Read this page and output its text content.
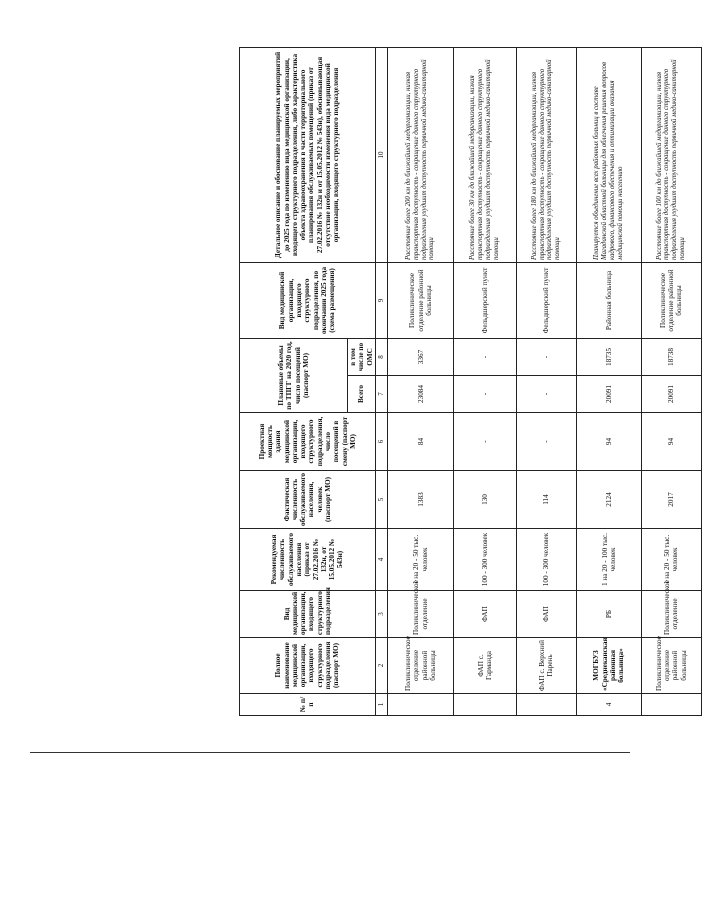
№ п/п	Полное наименование медицинской организации, входящего структурного подразделения (паспорт МО)	Вид медицинской организации, входящего структурного подразделения	Рекомендуемая численность обслуживаемого населения (приказ от 27.02.2016 № 132н, от 15.05.2012 № 543н)	Фактическая численность обслуживаемого населения, человек (паспорт МО)	Проектная мощность здания медицинской организации, входящего структурного подразделения, число посещений в смену (паспорт МО)	Плановые объемы по ТПГГ на 2020 год, число посещений (паспорт МО)		Вид медицинской организации, входящего структурного подразделения, по окончании 2025 года (схема размещения)	Детальное описание и обоснование планируемых мероприятий до 2025 года по изменению вида медицинской организации, входящего структурного подразделения, либо характеристика объекта здравоохранения в части территориального планирования обслуживаемых помещений (приказ от 27.02.2016 № 132н и от 15.05.2012 № 543н), обосновывающая отсутствие необходимости изменения вида медицинской организации, входящего структурного подразделения
						Всего	в том числе по ОМС		
1	2	3	4	5	6	7	8	9	10
	Поликлиническое отделение районной больницы	Поликлиническое отделение	1 на 20 - 50 тыс. человек	1383	84	23084	3367	Поликлиническое отделение районной больницы	Расстояние более 200 км до ближайшей медорганизации, низкая транспортная доступность - сокращение данного структурного подразделения ухудшит доступность первичной медико-санитарной помощи
	ФАП с. Гарманда	ФАП	100 - 300 человек	130	-	-	-	Фельдшерский пункт	Расстояние более 30 км до ближайшей медорганизации, низкая транспортная доступность - сокращение данного структурного подразделения ухудшит доступность первичной медико-санитарной помощи
	ФАП с. Верхний Парень	ФАП	100 - 300 человек	114	-	-	-	Фельдшерский пункт	Расстояние более 180 км до ближайшей медорганизации, низкая транспортная доступность - сокращение данного структурного подразделения ухудшит доступность первичной медико-санитарной помощи
4	МОГБУЗ «Среднеканская районная больница»	РБ	1 на 20 - 100 тыс. человек	2124	94	20091	18735	Районная больница	Планируется объединение всех районных больниц в составе Магаданской областной больницы для облегчения решения вопросов кадрового, финансового обеспечения и оптимизации оказания медицинской помощи населению
	Поликлиническое отделение районной больницы	Поликлиническое отделение	1 на 20 - 50 тыс. человек	2017	94	20091	18738	Поликлиническое отделение районной больницы	Расстояние более 100 км до ближайшей медорганизации, низкая транспортная доступность - сокращение данного структурного подразделения ухудшит доступность первичной медико-санитарной помощи
